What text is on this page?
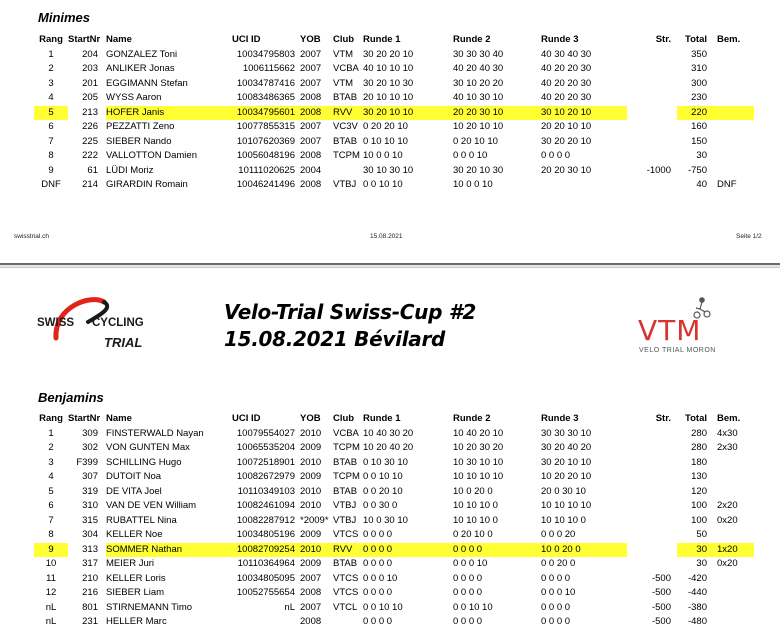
Minimes
Rang	StartNr	Name	UCI ID	YOB	Club	Runde 1	Runde 2	Runde 3	Str.	Total	Bem.
1	204	GONZALEZ Toni	10034795803	2007	VTM	30 20 20 10	30 30 30 40	40 30 40 30		350	
2	203	ANLIKER Jonas	1006115662	2007	VCBA	40 10 10 10	40 20 40 30	40 20 20 30		310	
3	201	EGGIMANN Stefan	10034787416	2007	VTM	30 20 10 30	30 10 20 20	40 20 20 30		300	
4	205	WYSS Aaron	10083486365	2008	BTAB	20 10 10 10	40 10 30 10	40 20 20 30		230	
5	213	HOFER Janis	10034795601	2008	RVV	30 20 10 10	20 20 30 10	30 10 20 10		220	
6	226	PEZZATTI Zeno	10077855315	2007	VC3V	0 20 20 10	10 20 10 10	20 20 10 10		160	
7	225	SIEBER Nando	10107620369	2007	BTAB	0 10 10 10	0 20 10 10	30 20 20 10		150	
8	222	VALLOTTON Damien	10056048196	2008	TCPM	10 0 0 10	0 0 0 10	0 0 0 0		30	
9	61	LÜDI Moriz	10111020625	2004		30 10 30 10	30 20 10 30	20 20 30 10	-1000	-750	
DNF	214	GIRARDIN Romain	10046241496	2008	VTBJ	0 0 10 10	10 0 0 10			40	DNF
swisstrial.ch	15.08.2021	Seite 1/2
SWISS CYCLING
TRIAL
Velo-Trial Swiss-Cup #2
15.08.2021 Bévilard	VTM
VELO TRIAL MORON
Benjamins
Rang	StartNr	Name	UCI ID	YOB	Club	Runde 1	Runde 2	Runde 3	Str.	Total	Bem.
1	309	FINSTERWALD Nayan	10079554027	2010	VCBA	10 40 30 20	10 40 20 10	30 30 30 10		280	4x30
2	302	VON GUNTEN Max	10065535204	2009	TCPM	10 20 40 20	10 20 30 20	30 20 40 20		280	2x30
3	F399	SCHILLING Hugo	10072518901	2010	BTAB	0 10 30 10	10 30 10 10	30 20 10 10		180	
4	307	DUTOIT Noa	10082672979	2009	TCPM	0 0 10 10	10 10 10 10	10 20 20 10		130	
5	319	DE VITA Joel	10110349103	2010	BTAB	0 0 20 10	10 0 20 0	20 0 30 10		120	
6	310	VAN DE VEN William	10082461094	2010	VTBJ	0 0 30 0	10 10 10 0	10 10 10 10		100	2x20
7	315	RUBATTEL Nina	10082287912	*2009*	VTBJ	10 0 30 10	10 10 10 0	10 10 10 0		100	0x20
8	304	KELLER Noe	10034805196	2009	VTCS	0 0 0 0	0 20 10 0	0 0 0 20		50	
9	313	SOMMER Nathan	10082709254	2010	RVV	0 0 0 0	0 0 0 0	10 0 20 0		30	1x20
10	317	MEIER Juri	10110364964	2009	BTAB	0 0 0 0	0 0 0 10	0 0 20 0		30	0x20
11	210	KELLER Loris	10034805095	2007	VTCS	0 0 0 10	0 0 0 0	0 0 0 0	-500	-420	
12	216	SIEBER Liam	10052755654	2008	VTCS	0 0 0 0	0 0 0 0	0 0 0 10	-500	-440	
nL	801	STIRNEMANN Timo	nL	2007	VTCL	0 0 10 10	0 0 10 10	0 0 0 0	-500	-380	
nL	231	HELLER Marc		2008		0 0 0 0	0 0 0 0	0 0 0 0	-500	-480	
